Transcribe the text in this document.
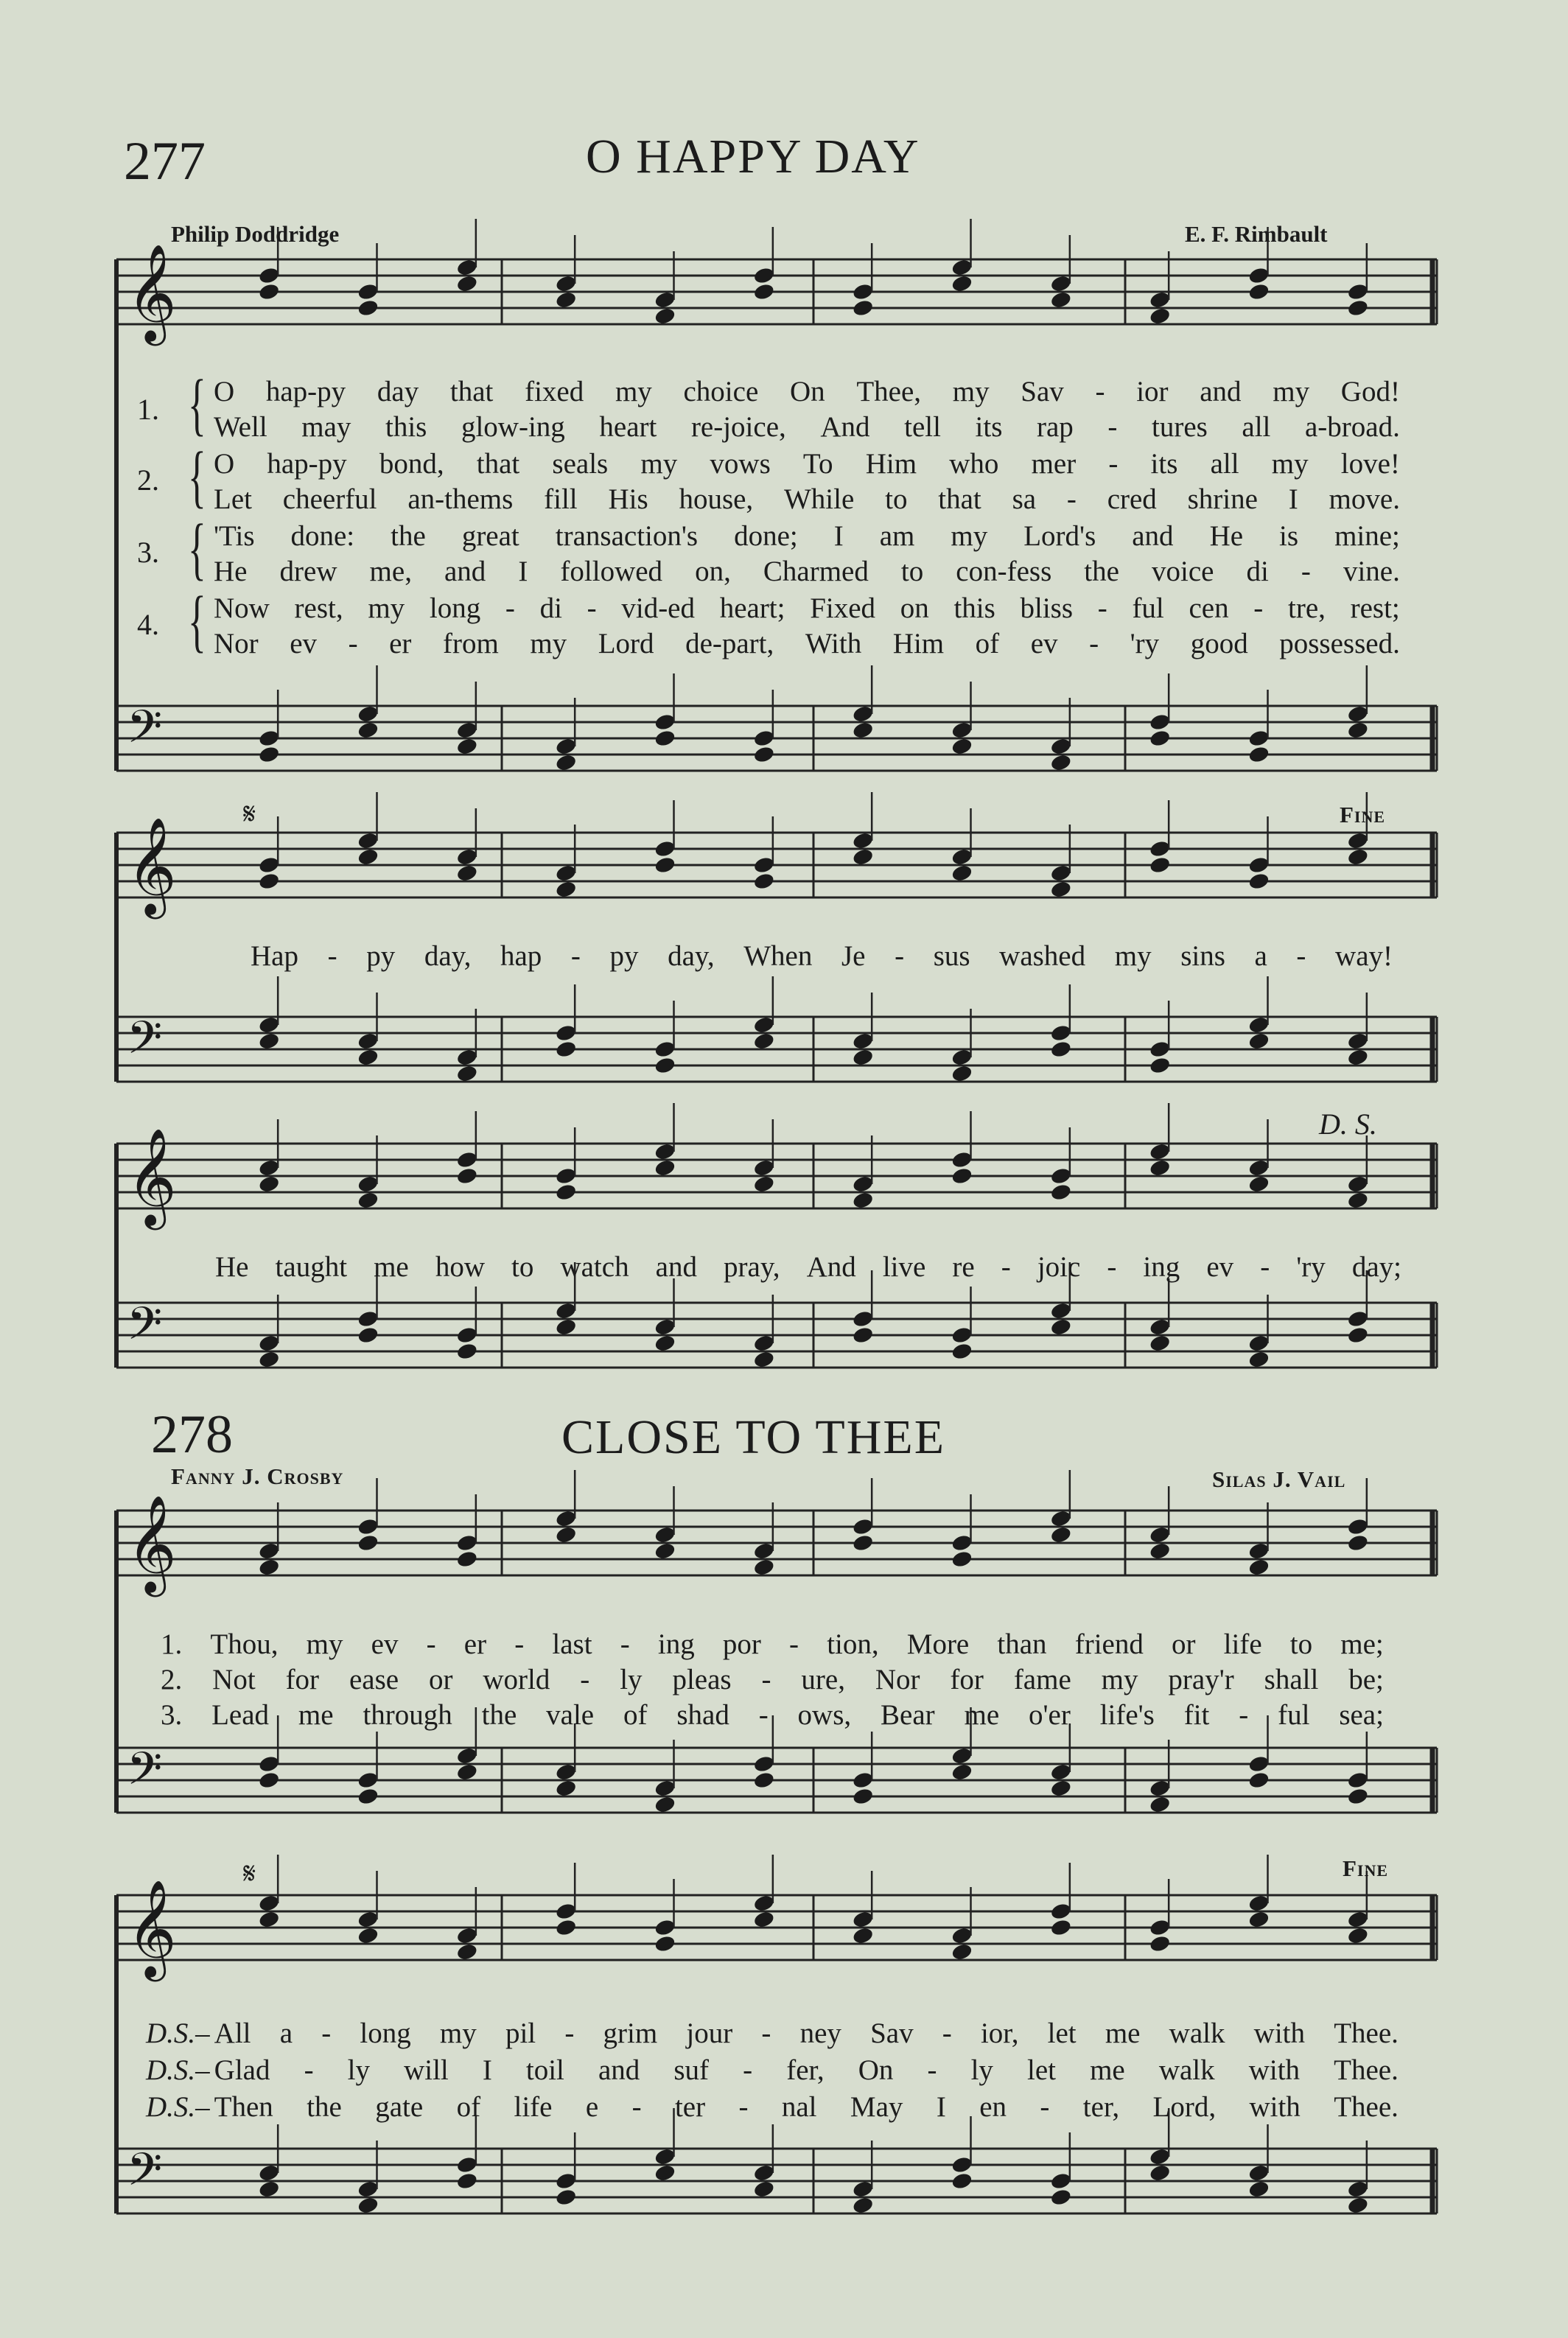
𝄞
𝄢
𝄞
𝄢
𝄞
𝄢
𝄞
𝄢
𝄞
𝄢
𝄋
𝄋
277	O HAPPY DAY
Philip Doddridge	E. F. Rimbault
1. { O hap-py day that fixed my choice On Thee, my Sav - ior and my God!
Well may this glow-ing heart re-joice, And tell its rap - tures all a-broad.
2. { O hap-py bond, that seals my vows To Him who mer - its all my love!
Let cheerful an-thems fill His house, While to that sa - cred shrine I move.
3. { 'Tis done: the great transaction's done; I am my Lord's and He is mine;
He drew me, and I followed on, Charmed to con-fess the voice di - vine.
4. { Now rest, my long - di - vid-ed heart; Fixed on this bliss - ful cen - tre, rest;
Nor ev - er from my Lord de-part, With Him of ev - 'ry good possessed.
Fine
Hap - py day, hap - py day, When Je - sus washed my sins a - way!
D. S.
He taught me how to watch and pray, And live re - joic - ing ev - 'ry day;
278	CLOSE TO THEE
Fanny J. Crosby	Silas J. Vail
1. Thou, my ev - er - last - ing por - tion, More than friend or life to me;
2. Not for ease or world - ly pleas - ure, Nor for fame my pray'r shall be;
3. Lead me through the vale of shad - ows, Bear me o'er life's fit - ful sea;
Fine
D.S.– All a - long my pil - grim jour - ney Sav - ior, let me walk with Thee.
D.S.– Glad - ly will I toil and suf - fer, On - ly let me walk with Thee.
D.S.– Then the gate of life e - ter - nal May I en - ter, Lord, with Thee.
